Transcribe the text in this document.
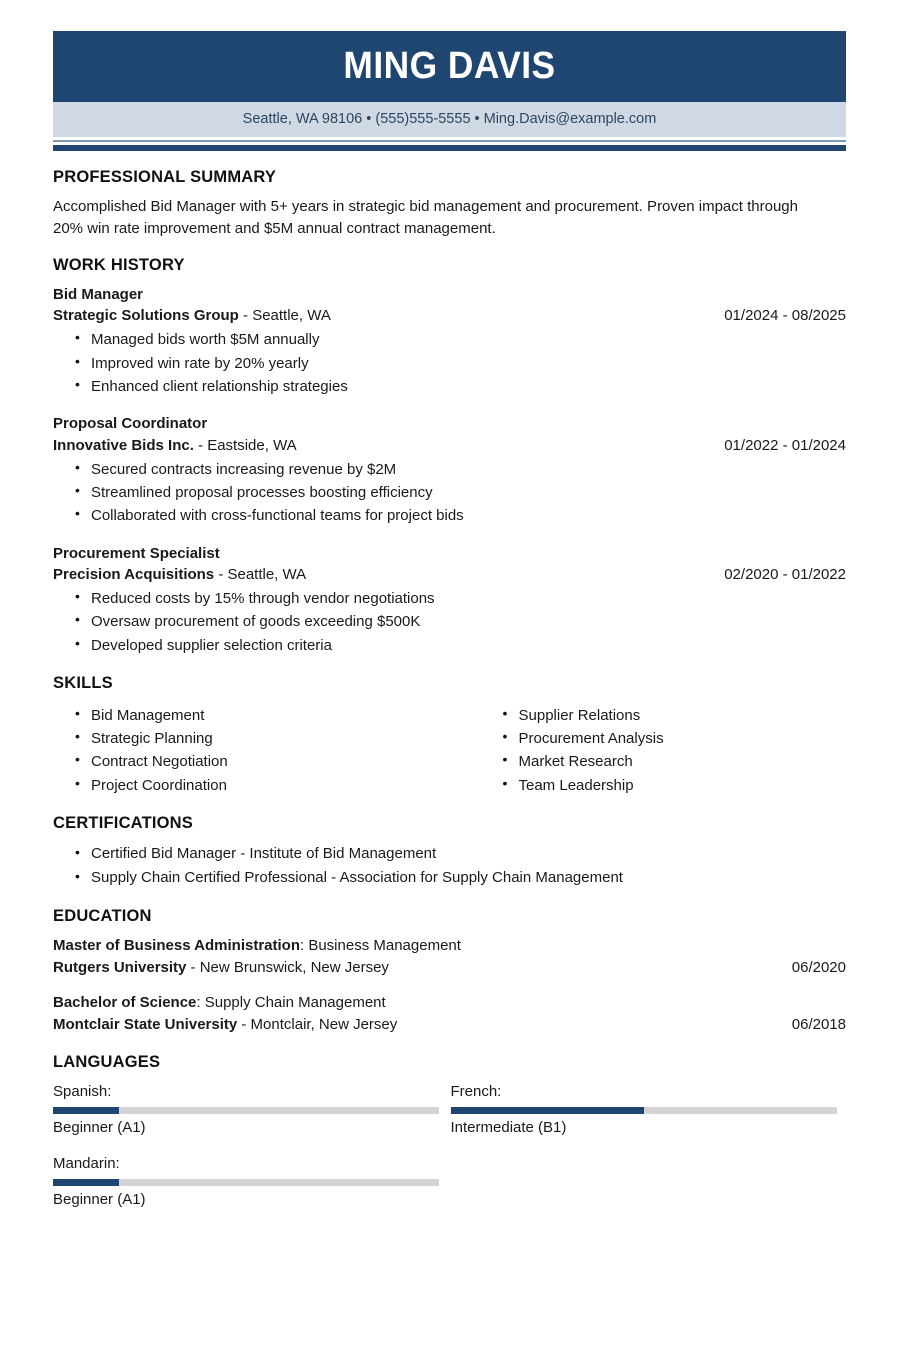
MING DAVIS
Seattle, WA 98106 • (555)555-5555 • Ming.Davis@example.com
PROFESSIONAL SUMMARY
Accomplished Bid Manager with 5+ years in strategic bid management and procurement. Proven impact through 20% win rate improvement and $5M annual contract management.
WORK HISTORY
Bid Manager
Strategic Solutions Group - Seattle, WA	01/2024 - 08/2025
• Managed bids worth $5M annually
• Improved win rate by 20% yearly
• Enhanced client relationship strategies
Proposal Coordinator
Innovative Bids Inc. - Eastside, WA	01/2022 - 01/2024
• Secured contracts increasing revenue by $2M
• Streamlined proposal processes boosting efficiency
• Collaborated with cross-functional teams for project bids
Procurement Specialist
Precision Acquisitions - Seattle, WA	02/2020 - 01/2022
• Reduced costs by 15% through vendor negotiations
• Oversaw procurement of goods exceeding $500K
• Developed supplier selection criteria
SKILLS
• Bid Management
• Strategic Planning
• Contract Negotiation
• Project Coordination
• Supplier Relations
• Procurement Analysis
• Market Research
• Team Leadership
CERTIFICATIONS
• Certified Bid Manager - Institute of Bid Management
• Supply Chain Certified Professional - Association for Supply Chain Management
EDUCATION
Master of Business Administration: Business Management
Rutgers University - New Brunswick, New Jersey	06/2020
Bachelor of Science: Supply Chain Management
Montclair State University - Montclair, New Jersey	06/2018
LANGUAGES
Spanish:
Beginner (A1)
French:
Intermediate (B1)
Mandarin:
Beginner (A1)
